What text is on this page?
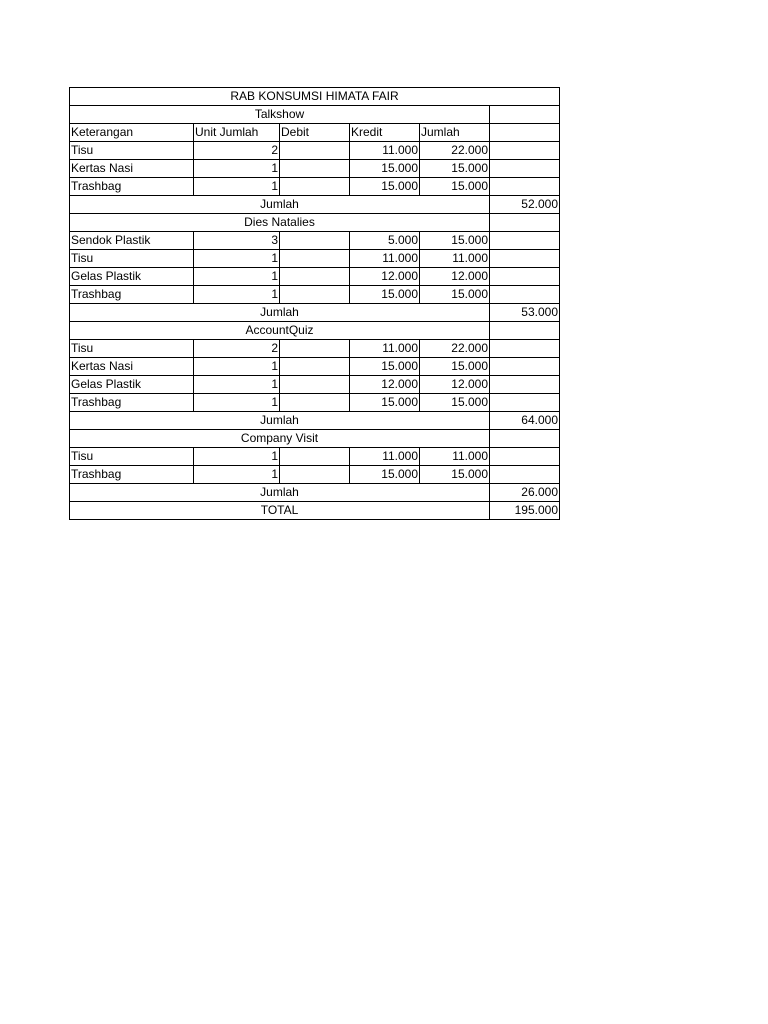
RAB KONSUMSI HIMATA FAIR					
Talkshow					
Keterangan	Unit Jumlah	Debit	Kredit	Jumlah	
Tisu	2		11.000	22.000	
Kertas Nasi	1		15.000	15.000	
Trashbag	1		15.000	15.000	
Jumlah					52.000
Dies Natalies					
Sendok Plastik	3		5.000	15.000	
Tisu	1		11.000	11.000	
Gelas Plastik	1		12.000	12.000	
Trashbag	1		15.000	15.000	
Jumlah					53.000
AccountQuiz					
Tisu	2		11.000	22.000	
Kertas Nasi	1		15.000	15.000	
Gelas Plastik	1		12.000	12.000	
Trashbag	1		15.000	15.000	
Jumlah					64.000
Company Visit					
Tisu	1		11.000	11.000	
Trashbag	1		15.000	15.000	
Jumlah					26.000
TOTAL					195.000
